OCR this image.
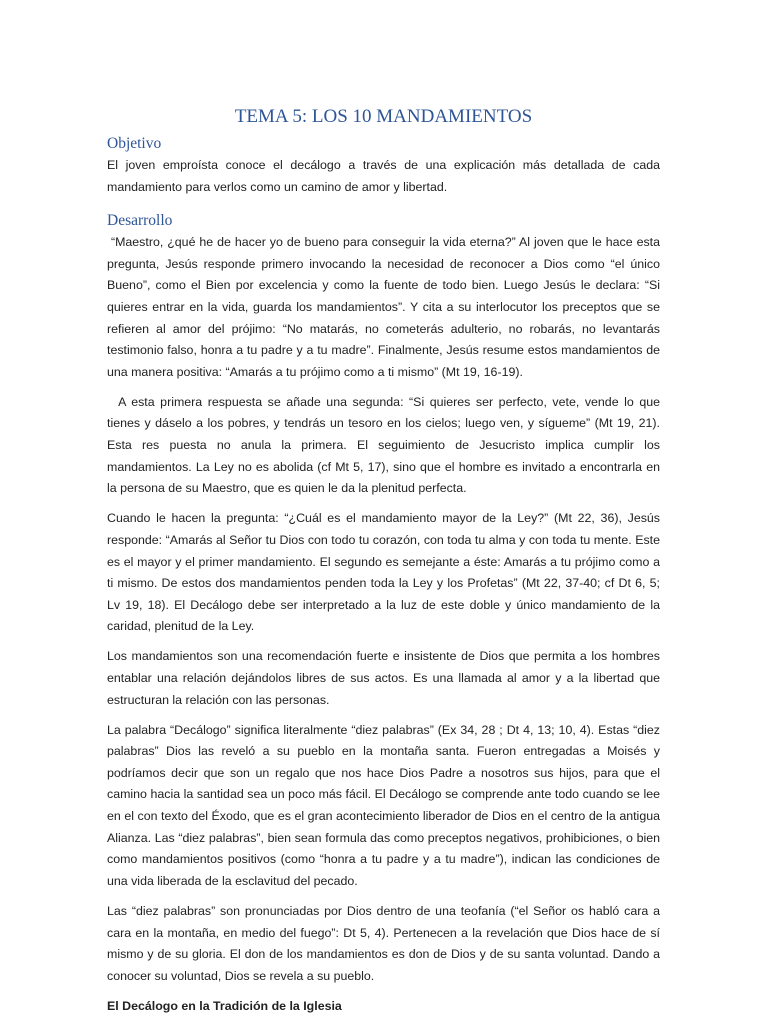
TEMA 5: LOS 10 MANDAMIENTOS
Objetivo

El joven emproísta conoce el decálogo a través de una explicación más detallada de cada mandamiento para verlos como un camino de amor y libertad.

Desarrollo

“Maestro, ¿qué he de hacer yo de bueno para conseguir la vida eterna?” Al joven que le hace esta pregunta, Jesús responde primero invocando la necesidad de reconocer a Dios como “el único Bueno”, como el Bien por excelencia y como la fuente de todo bien. Luego Jesús le declara: “Si quieres entrar en la vida, guarda los mandamientos”. Y cita a su interlocutor los preceptos que se refieren al amor del prójimo: “No matarás, no cometerás adulterio, no robarás, no levantarás testimonio falso, honra a tu padre y a tu madre”. Finalmente, Jesús resume estos mandamientos de una manera positiva: “Amarás a tu prójimo como a ti mismo” (Mt 19, 16-19).

A esta primera respuesta se añade una segunda: “Si quieres ser perfecto, vete, vende lo que tienes y dáselo a los pobres, y tendrás un tesoro en los cielos; luego ven, y sígueme” (Mt 19, 21). Esta res puesta no anula la primera. El seguimiento de Jesucristo implica cumplir los mandamientos. La Ley no es abolida (cf Mt 5, 17), sino que el hombre es invitado a encontrarla en la persona de su Maestro, que es quien le da la plenitud perfecta.

Cuando le hacen la pregunta: “¿Cuál es el mandamiento mayor de la Ley?” (Mt 22, 36), Jesús responde: “Amarás al Señor tu Dios con todo tu corazón, con toda tu alma y con toda tu mente. Este es el mayor y el primer mandamiento. El segundo es semejante a éste: Amarás a tu prójimo como a ti mismo. De estos dos mandamientos penden toda la Ley y los Profetas” (Mt 22, 37-40; cf Dt 6, 5; Lv 19, 18). El Decálogo debe ser interpretado a la luz de este doble y único mandamiento de la caridad, plenitud de la Ley.

Los mandamientos son una recomendación fuerte e insistente de Dios que permita a los hombres entablar una relación dejándolos libres de sus actos. Es una llamada al amor y a la libertad que estructuran la relación con las personas.

La palabra “Decálogo” significa literalmente “diez palabras” (Ex 34, 28 ; Dt 4, 13; 10, 4). Estas “diez palabras” Dios las reveló a su pueblo en la montaña santa. Fueron entregadas a Moisés y podríamos decir que son un regalo que nos hace Dios Padre a nosotros sus hijos, para que el camino hacia la santidad sea un poco más fácil. El Decálogo se comprende ante todo cuando se lee en el con texto del Éxodo, que es el gran acontecimiento liberador de Dios en el centro de la antigua Alianza. Las “diez palabras”, bien sean formula das como preceptos negativos, prohibiciones, o bien como mandamientos positivos (como “honra a tu padre y a tu madre”), indican las condiciones de una vida liberada de la esclavitud del pecado.

Las “diez palabras” son pronunciadas por Dios dentro de una teofanía (“el Señor os habló cara a cara en la montaña, en medio del fuego”: Dt 5, 4). Pertenecen a la revelación que Dios hace de sí mismo y de su gloria. El don de los mandamientos es don de Dios y de su santa voluntad. Dando a conocer su voluntad, Dios se revela a su pueblo.

El Decálogo en la Tradición de la Iglesia
